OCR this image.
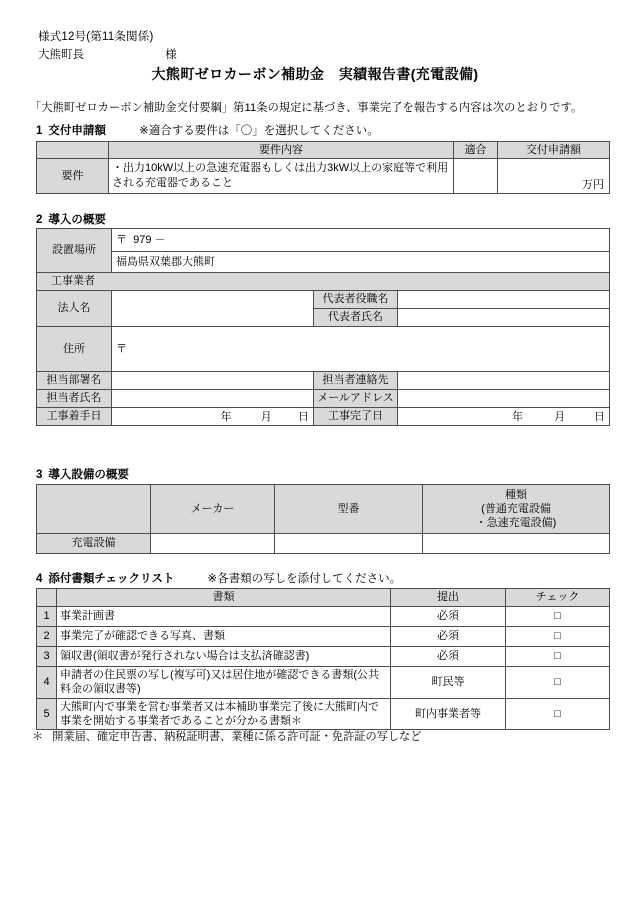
様式12号(第11条関係)
大熊町長	様
大熊町ゼロカーボン補助金　実績報告書(充電設備)
「大熊町ゼロカーボン補助金交付要綱」第11条の規定に基づき、事業完了を報告する内容は次のとおりです。
1 交付申請額	※適合する要件は「〇」を選択してください。
	要件内容	適合	交付申請額
要件	・出力10kW以上の急速充電器もしくは出力3kW以上の家庭等で利用される充電器であること		万円
2 導入の概要
設置場所	〒 979 －		

	福島県双葉郡大熊町		

工事業者			
法人名		代表者役職名	
		代表者氏名	
住所	〒		

担当部署名		担当者連絡先	
担当者氏名		メールアドレス	
工事着手日	年 月 日	工事完了日	年 月 日
3 導入設備の概要
	メーカー	型番	種類
(普通充電設備
・急速充電設備)

充電設備			
4 添付書類チェックリスト	※各書類の写しを添付してください。
	書類	提出	チェック
1	事業計画書	必須	□
2	事業完了が確認できる写真、書類	必須	□
3	領収書(領収書が発行されない場合は支払済確認書)	必須	□
4	申請者の住民票の写し(複写可)又は居住地が確認できる書類(公共料金の領収書等)	町民等	□
5	大熊町内で事業を営む事業者又は本補助事業完了後に大熊町内で事業を開始する事業者であることが分かる書類＊	町内事業者等	□
＊ 開業届、確定申告書、納税証明書、業種に係る許可証・免許証の写しなど
